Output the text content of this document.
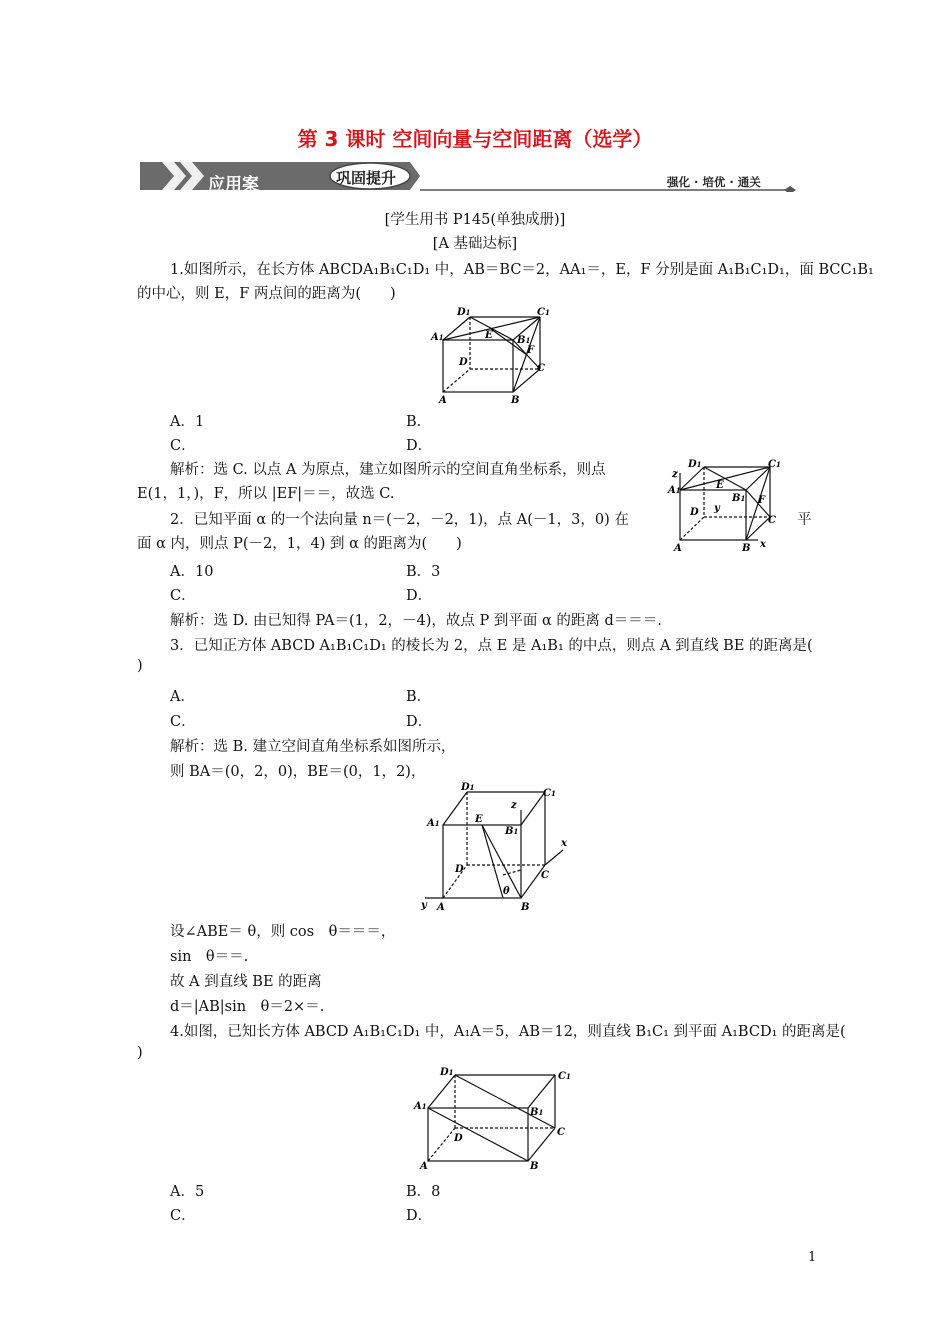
第 3 课时 空间向量与空间距离（选学）
应用案	巩固提升	强化 · 培优 · 通关
[学生用书 P145(单独成册)]
[A 基础达标]
1.如图所示，在长方体 ABCDA₁B₁C₁D₁ 中，AB＝BC＝2，AA₁＝，E，F 分别是面 A₁B₁C₁D₁，面 BCC₁B₁
的中心，则 E，F 两点间的距离为(　　)
D1	C1
A1	B1
E
F
D
C
A	B
A．1	B．
C．	D．
解析：选 C. 以点 A 为原点，建立如图所示的空间直角坐标系，则点
E(1，1，)，F，所以 |EF|＝＝，故选 C.
z
D1	C1
A1
B1
E
F
D y
C
A	B x
2．已知平面 α 的一个法向量 n＝(－2，－2，1)，点 A(－1，3，0) 在	平
面 α 内，则点 P(－2，1，4) 到 α 的距离为(　　)
A．10	B．3
C．	D．
解析：选 D. 由已知得 PA＝(1，2，－4)，故点 P 到平面 α 的距离 d＝＝＝.
3．已知正方体 ABCD A₁B₁C₁D₁ 的棱长为 2，点 E 是 A₁B₁ 的中点，则点 A 到直线 BE 的距离是(
)
A．	B．
C．	D．
解析：选 B. 建立空间直角坐标系如图所示，
则 BA＝(0，2，0)，BE＝(0，1，2)，
D1
C1
A1	E
B1
z
x
D
C
θ
y A	B
设∠ABE＝ θ，则 cos　θ＝＝＝，
sin　θ＝＝.
故 A 到直线 BE 的距离
d＝|AB|sin　θ＝2×＝.
4.如图，已知长方体 ABCD A₁B₁C₁D₁ 中，A₁A＝5，AB＝12，则直线 B₁C₁ 到平面 A₁BCD₁ 的距离是(
)
D1	C1
A1
B1
D
C
A	B
A．5	B．8
C．	D．
1
